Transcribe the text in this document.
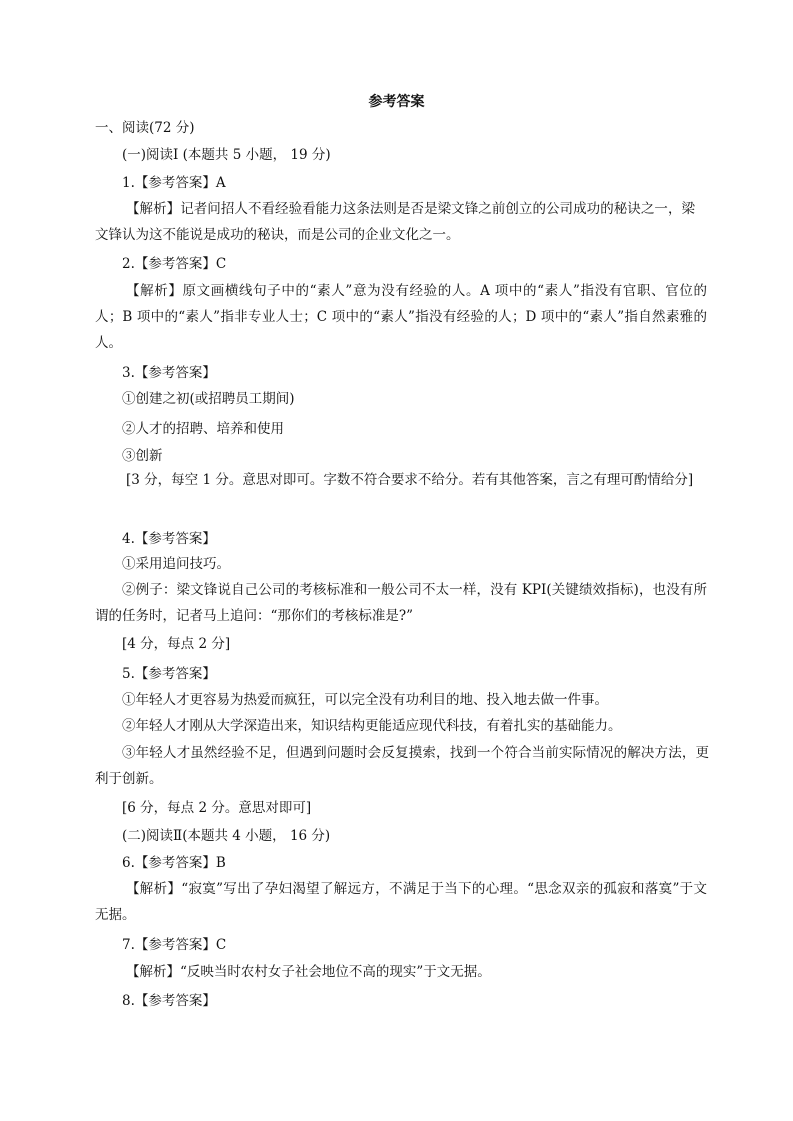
参考答案
一、阅读(72 分)
(一)阅读Ⅰ (本题共 5 小题， 19 分)
1.【参考答案】A
【解析】记者问招人不看经验看能力这条法则是否是梁文锋之前创立的公司成功的秘诀之一，梁文锋认为这不能说是成功的秘诀，而是公司的企业文化之一。
2.【参考答案】C
【解析】原文画横线句子中的“素人”意为没有经验的人。A 项中的“素人”指没有官职、官位的人；B 项中的“素人”指非专业人士；C 项中的“素人”指没有经验的人；D 项中的“素人”指自然素雅的人。
3.【参考答案】
①创建之初(或招聘员工期间)
②人才的招聘、培养和使用
③创新
[3 分，每空 1 分。意思对即可。字数不符合要求不给分。若有其他答案，言之有理可酌情给分]
4.【参考答案】
①采用追问技巧。
②例子：梁文锋说自己公司的考核标准和一般公司不太一样，没有 KPI(关键绩效指标)，也没有所谓的任务时，记者马上追问：“那你们的考核标准是?”
[4 分，每点 2 分]
5.【参考答案】
①年轻人才更容易为热爱而疯狂，可以完全没有功利目的地、投入地去做一件事。
②年轻人才刚从大学深造出来，知识结构更能适应现代科技，有着扎实的基础能力。
③年轻人才虽然经验不足，但遇到问题时会反复摸索，找到一个符合当前实际情况的解决方法，更利于创新。
[6 分，每点 2 分。意思对即可]
(二)阅读Ⅱ(本题共 4 小题， 16 分)
6.【参考答案】B
【解析】“寂寞”写出了孕妇渴望了解远方，不满足于当下的心理。“思念双亲的孤寂和落寞”于文无据。
7.【参考答案】C
【解析】“反映当时农村女子社会地位不高的现实”于文无据。
8.【参考答案】
